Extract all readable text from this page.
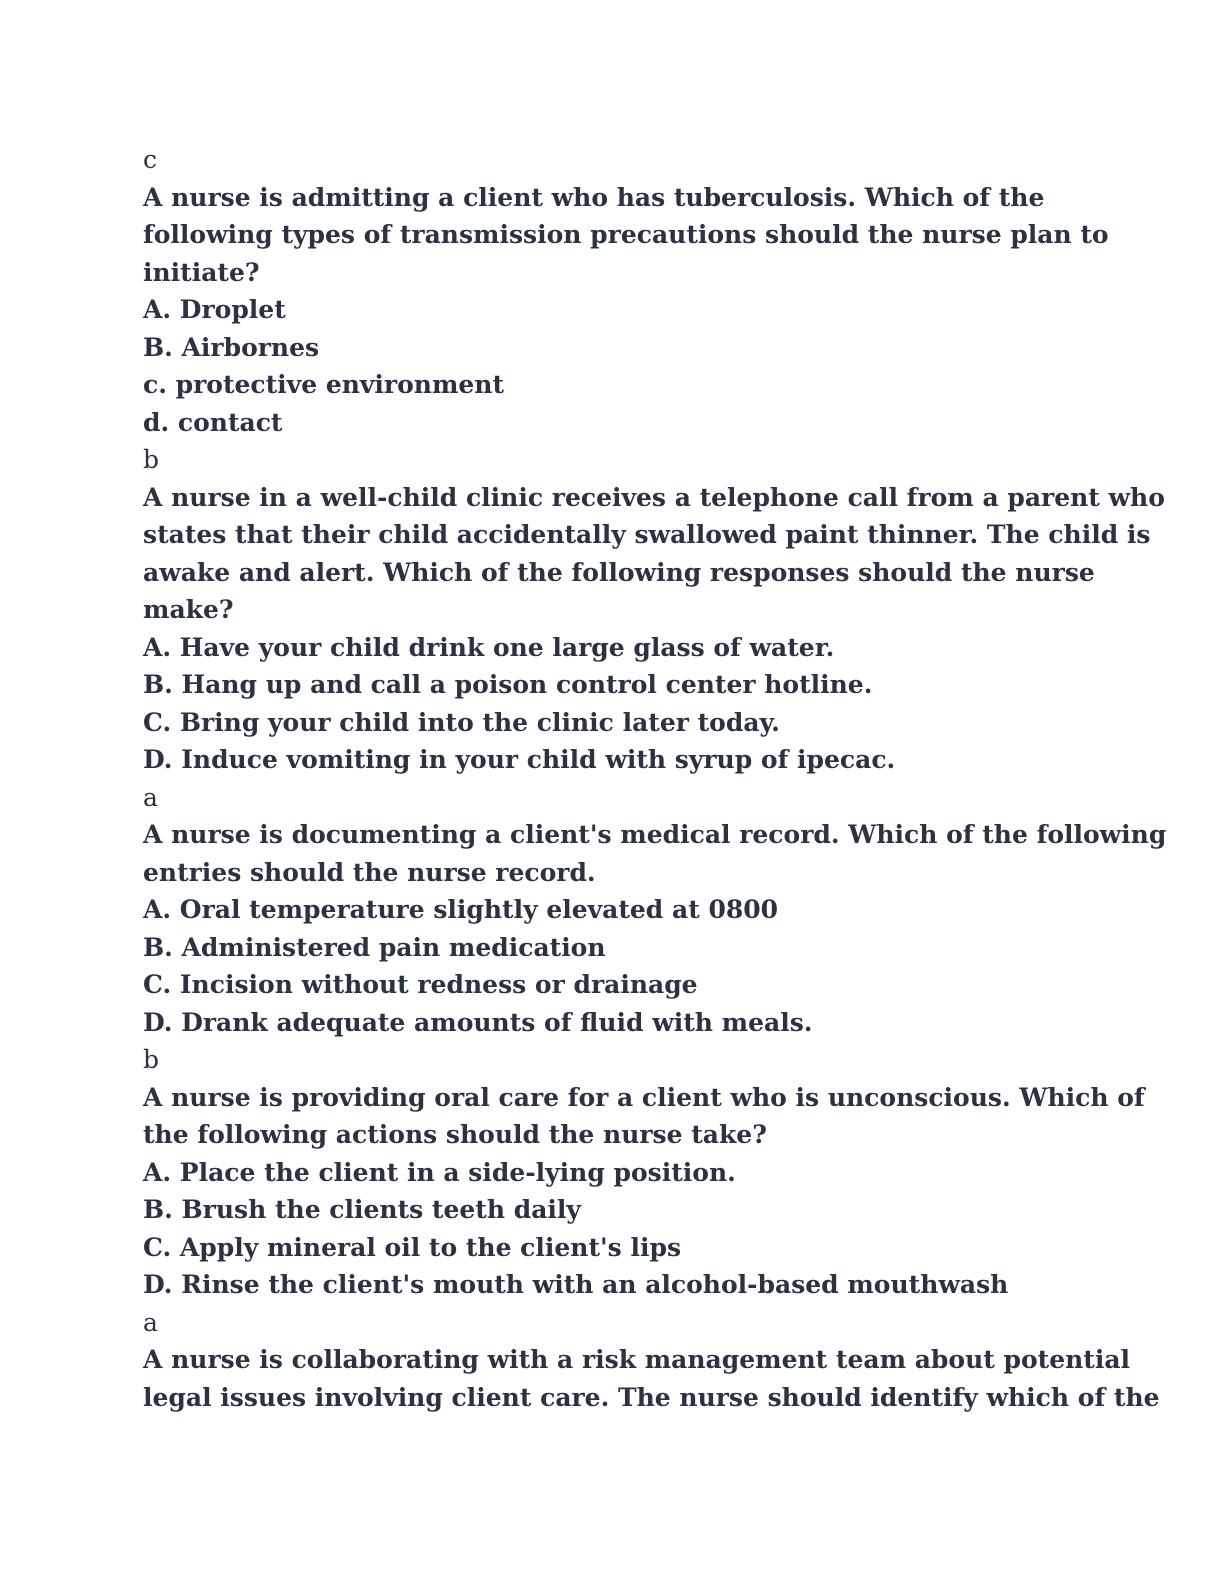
c
A nurse is admitting a client who has tuberculosis. Which of the
following types of transmission precautions should the nurse plan to
initiate?
A. Droplet
B. Airbornes
c. protective environment
d. contact
b
A nurse in a well-child clinic receives a telephone call from a parent who
states that their child accidentally swallowed paint thinner. The child is
awake and alert. Which of the following responses should the nurse
make?
A. Have your child drink one large glass of water.
B. Hang up and call a poison control center hotline.
C. Bring your child into the clinic later today.
D. Induce vomiting in your child with syrup of ipecac.
a
A nurse is documenting a client's medical record. Which of the following
entries should the nurse record.
A. Oral temperature slightly elevated at 0800
B. Administered pain medication
C. Incision without redness or drainage
D. Drank adequate amounts of fluid with meals.
b
A nurse is providing oral care for a client who is unconscious. Which of
the following actions should the nurse take?
A. Place the client in a side-lying position.
B. Brush the clients teeth daily
C. Apply mineral oil to the client's lips
D. Rinse the client's mouth with an alcohol-based mouthwash
a
A nurse is collaborating with a risk management team about potential
legal issues involving client care. The nurse should identify which of the
